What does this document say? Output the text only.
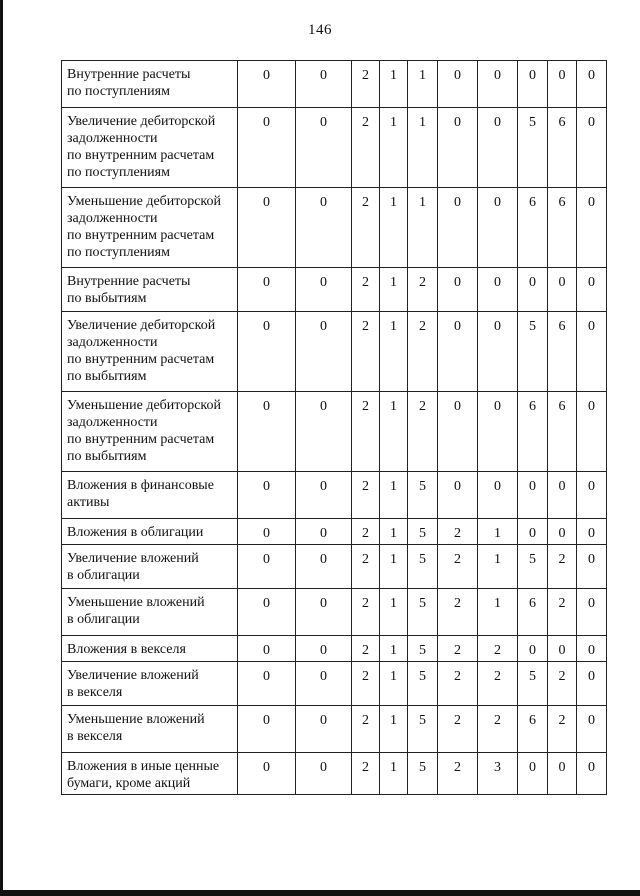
146
Внутренние расчеты
по поступлениям	0	0	2	1	1	0	0	0	0	0
Увеличение дебиторской
задолженности
по внутренним расчетам
по поступлениям	0	0	2	1	1	0	0	5	6	0
Уменьшение дебиторской
задолженности
по внутренним расчетам
по поступлениям	0	0	2	1	1	0	0	6	6	0
Внутренние расчеты
по выбытиям	0	0	2	1	2	0	0	0	0	0
Увеличение дебиторской
задолженности
по внутренним расчетам
по выбытиям	0	0	2	1	2	0	0	5	6	0
Уменьшение дебиторской
задолженности
по внутренним расчетам
по выбытиям	0	0	2	1	2	0	0	6	6	0
Вложения в финансовые
активы	0	0	2	1	5	0	0	0	0	0
Вложения в облигации	0	0	2	1	5	2	1	0	0	0
Увеличение вложений
в облигации	0	0	2	1	5	2	1	5	2	0
Уменьшение вложений
в облигации	0	0	2	1	5	2	1	6	2	0
Вложения в векселя	0	0	2	1	5	2	2	0	0	0
Увеличение вложений
в векселя	0	0	2	1	5	2	2	5	2	0
Уменьшение вложений
в векселя	0	0	2	1	5	2	2	6	2	0
Вложения в иные ценные
бумаги, кроме акций	0	0	2	1	5	2	3	0	0	0
